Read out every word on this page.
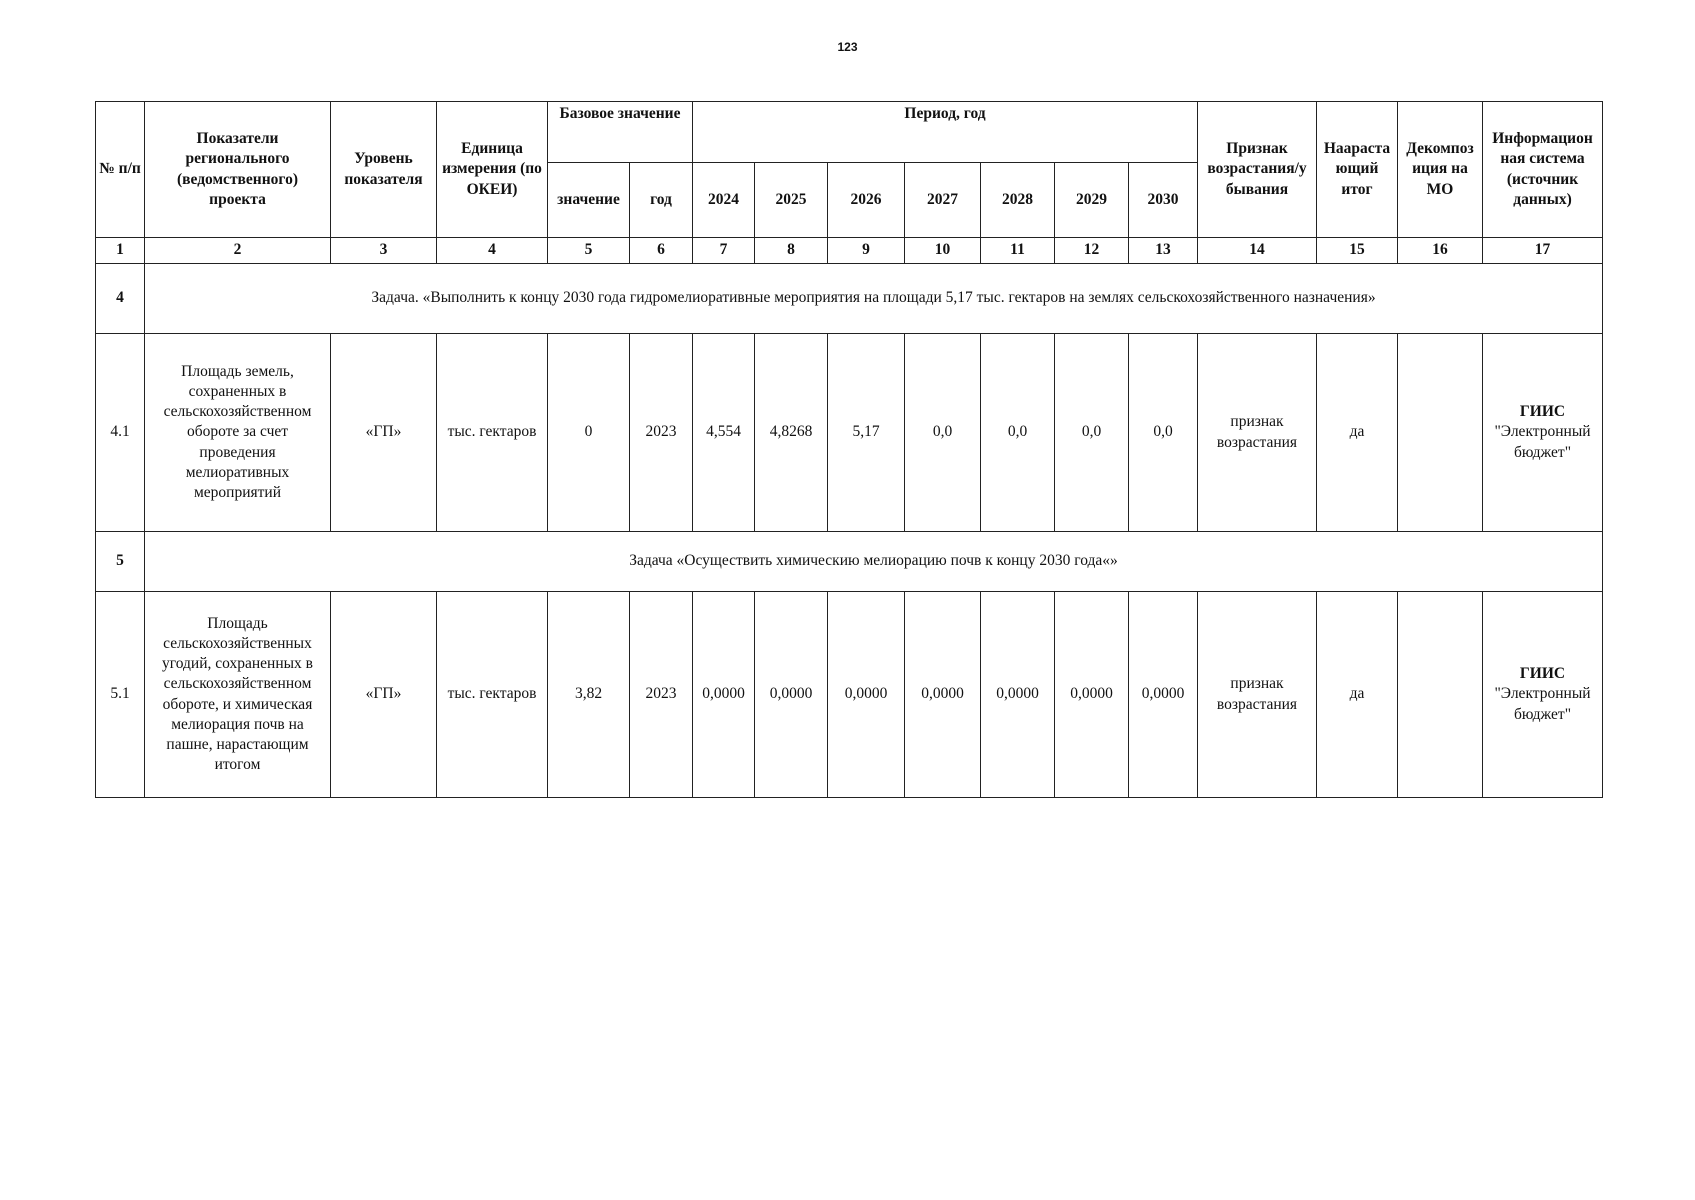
123
№ п/п	Показатели регионального (ведомственного) проекта	Уровень показателя	Единица измерения (по ОКЕИ)	Базовое значение		Период, год							Признак возрастания/у бывания	Наараста ющий итог	Декомпоз иция на МО	Информацион ная система (источник данных)
				значение	год	2024	2025	2026	2027	2028	2029	2030				
1	2	3	4	5	6	7	8	9	10	11	12	13	14	15	16	17
4	Задача. «Выполнить к концу 2030 года гидромелиоративные мероприятия на площади 5,17 тыс. гектаров на землях сельскохозяйственного назначения»															
4.1	Площадь земель, сохраненных в сельскохозяйственном обороте за счет проведения мелиоративных мероприятий	«ГП»	тыс. гектаров	0	2023	4,554	4,8268	5,17	0,0	0,0	0,0	0,0	признак возрастания	да		ГИИС
"Электронный бюджет"

5	Задача «Осуществить химическию мелиорацию почв к концу 2030 года«»															
5.1	Площадь сельскохозяйственных угодий, сохраненных в сельскохозяйственном обороте, и химическая мелиорация почв на пашне, нарастающим итогом	«ГП»	тыс. гектаров	3,82	2023	0,0000	0,0000	0,0000	0,0000	0,0000	0,0000	0,0000	признак возрастания	да		ГИИС
"Электронный бюджет"
